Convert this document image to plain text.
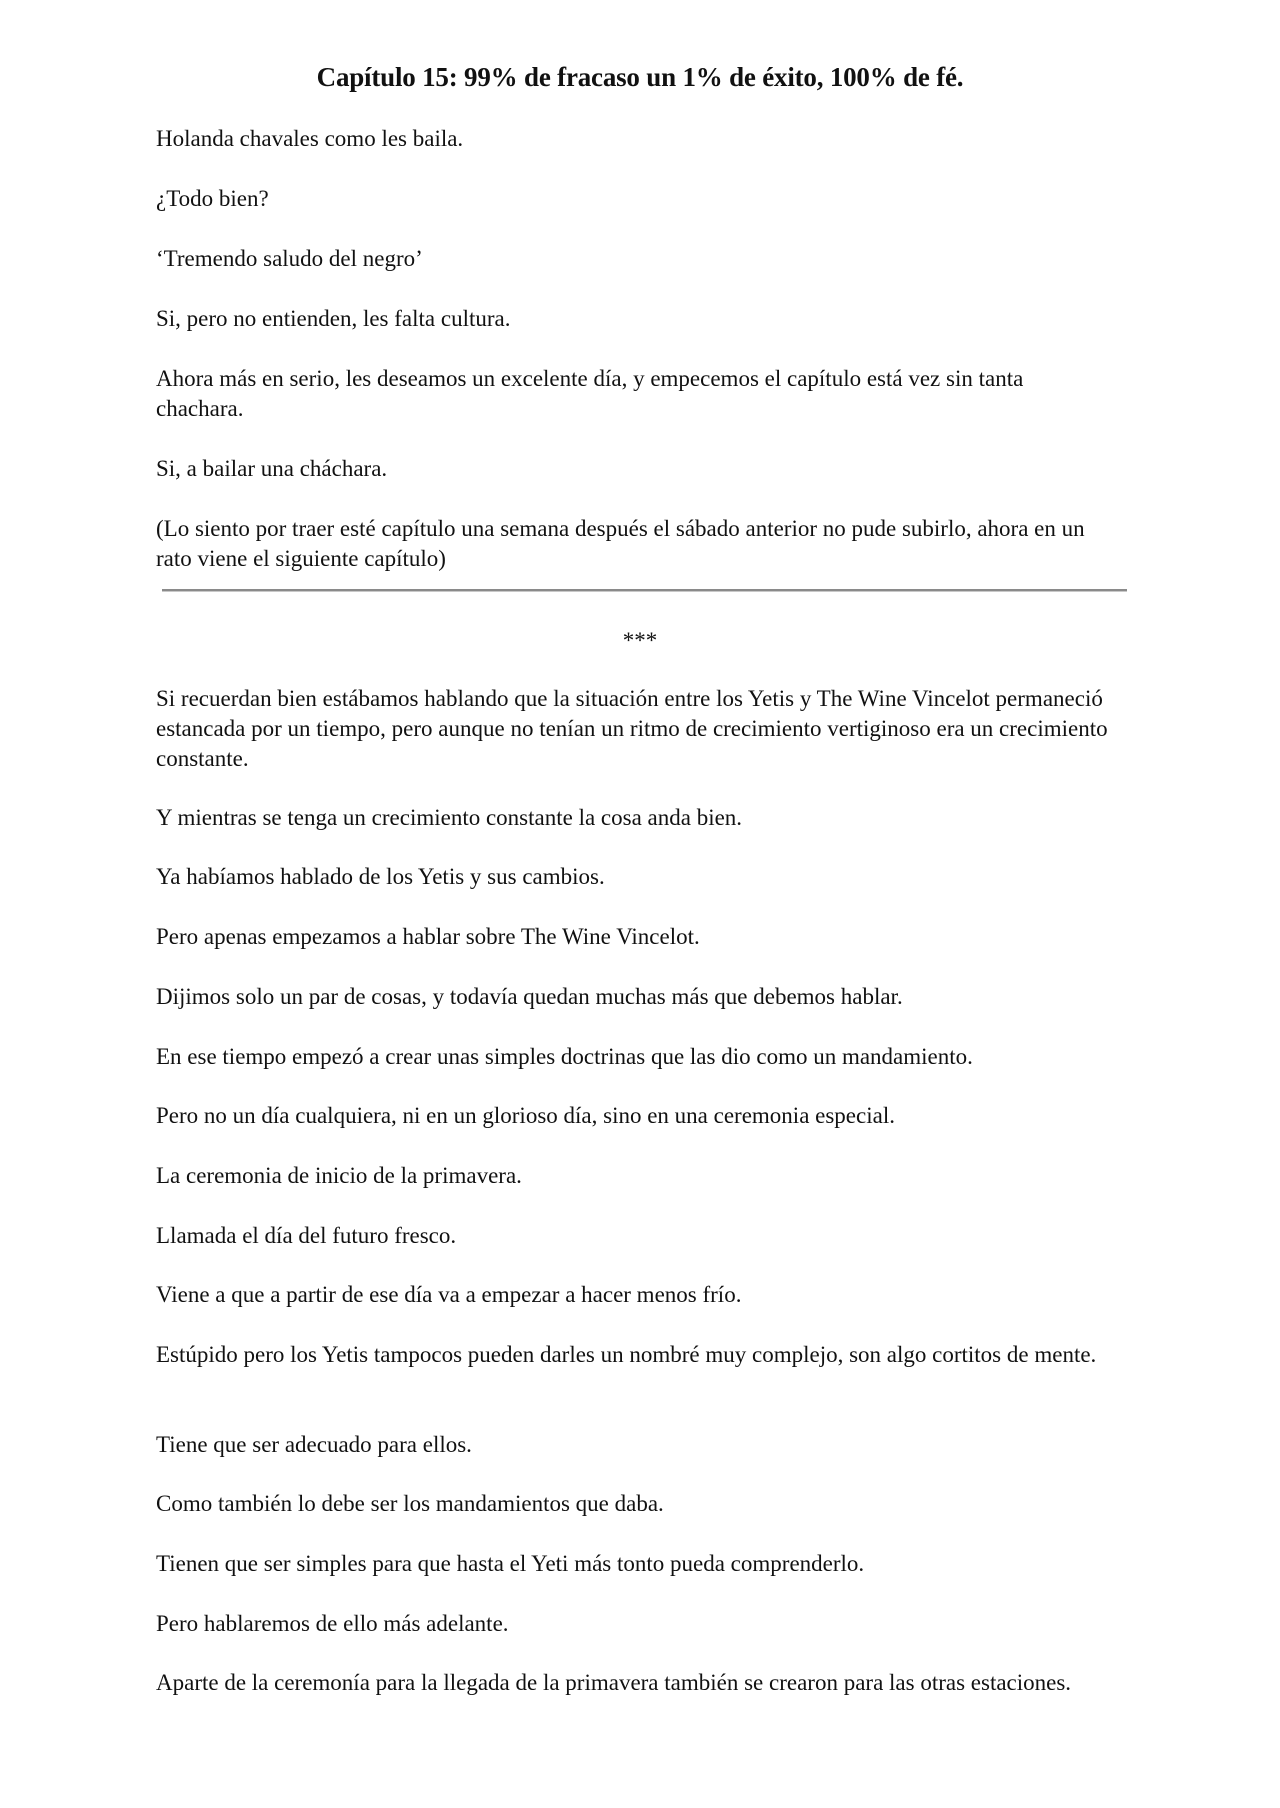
Capítulo 15: 99% de fracaso un 1% de éxito, 100% de fé.

Holanda chavales como les baila.

¿Todo bien?

‘Tremendo saludo del negro’

Si, pero no entienden, les falta cultura.

Ahora más en serio, les deseamos un excelente día, y empecemos el capítulo está vez sin tanta chachara.

Si, a bailar una cháchara.

(Lo siento por traer esté capítulo una semana después el sábado anterior no pude subirlo, ahora en un rato viene el siguiente capítulo)

***

Si recuerdan bien estábamos hablando que la situación entre los Yetis y The Wine Vincelot permaneció estancada por un tiempo, pero aunque no tenían un ritmo de crecimiento vertiginoso era un crecimiento constante.

Y mientras se tenga un crecimiento constante la cosa anda bien.

Ya habíamos hablado de los Yetis y sus cambios.

Pero apenas empezamos a hablar sobre The Wine Vincelot.

Dijimos solo un par de cosas, y todavía quedan muchas más que debemos hablar.

En ese tiempo empezó a crear unas simples doctrinas que las dio como un mandamiento.

Pero no un día cualquiera, ni en un glorioso día, sino en una ceremonia especial.

La ceremonia de inicio de la primavera.

Llamada el día del futuro fresco.

Viene a que a partir de ese día va a empezar a hacer menos frío.

Estúpido pero los Yetis tampocos pueden darles un nombré muy complejo, son algo cortitos de mente.

Tiene que ser adecuado para ellos.

Como también lo debe ser los mandamientos que daba.

Tienen que ser simples para que hasta el Yeti más tonto pueda comprenderlo.

Pero hablaremos de ello más adelante.

Aparte de la ceremonía para la llegada de la primavera también se crearon para las otras estaciones.
